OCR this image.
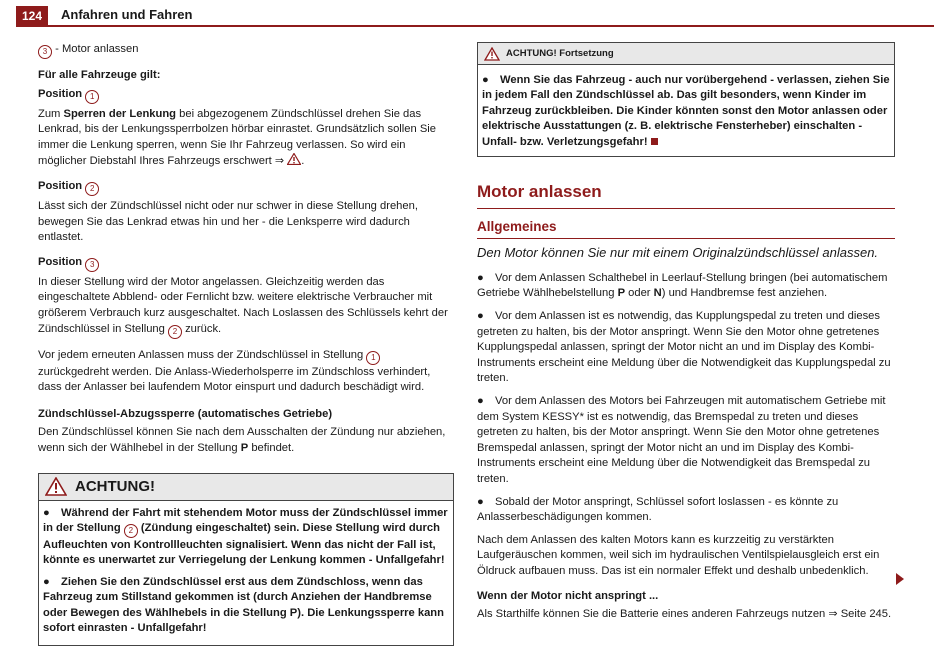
124	Anfahren und Fahren

3 - Motor anlassen

Für alle Fahrzeuge gilt:
Position 1

Zum Sperren der Lenkung bei abgezogenem Zündschlüssel drehen Sie das Lenkrad, bis der Lenkungssperrbolzen hörbar einrastet. Grundsätzlich sollen Sie immer die Lenkung sperren, wenn Sie Ihr Fahrzeug verlassen. So wird ein möglicher Diebstahl Ihres Fahrzeugs erschwert ⇒ .

Position 2

Lässt sich der Zündschlüssel nicht oder nur schwer in diese Stellung drehen, bewegen Sie das Lenkrad etwas hin und her - die Lenksperre wird dadurch entlastet.

Position 3

In dieser Stellung wird der Motor angelassen. Gleichzeitig werden das eingeschaltete Abblend- oder Fernlicht bzw. weitere elektrische Verbraucher mit größerem Verbrauch kurz ausgeschaltet. Nach Loslassen des Schlüssels kehrt der Zündschlüssel in Stellung 2 zurück.

Vor jedem erneuten Anlassen muss der Zündschlüssel in Stellung 1 zurückgedreht werden. Die Anlass-Wiederholsperre im Zündschloss verhindert, dass der Anlasser bei laufendem Motor einspurt und dadurch beschädigt wird.

Zündschlüssel-Abzugssperre (automatisches Getriebe)

Den Zündschlüssel können Sie nach dem Ausschalten der Zündung nur abziehen, wenn sich der Wählhebel in der Stellung P befindet.

ACHTUNG!

● Während der Fahrt mit stehendem Motor muss der Zündschlüssel immer in der Stellung 2 (Zündung eingeschaltet) sein. Diese Stellung wird durch Aufleuchten von Kontrollleuchten signalisiert. Wenn das nicht der Fall ist, könnte es unerwartet zur Verriegelung der Lenkung kommen - Unfallgefahr!

● Ziehen Sie den Zündschlüssel erst aus dem Zündschloss, wenn das Fahrzeug zum Stillstand gekommen ist (durch Anziehen der Handbremse oder Bewegen des Wählhebels in die Stellung P). Die Lenkungssperre kann sofort einrasten - Unfallgefahr!

ACHTUNG! Fortsetzung

● Wenn Sie das Fahrzeug - auch nur vorübergehend - verlassen, ziehen Sie in jedem Fall den Zündschlüssel ab. Das gilt besonders, wenn Kinder im Fahrzeug zurückbleiben. Die Kinder könnten sonst den Motor anlassen oder elektrische Ausstattungen (z. B. elektrische Fensterheber) einschalten - Unfall- bzw. Verletzungsgefahr!

Motor anlassen
Allgemeines
Den Motor können Sie nur mit einem Originalzündschlüssel anlassen.

● Vor dem Anlassen Schalthebel in Leerlauf-Stellung bringen (bei automatischem Getriebe Wählhebelstellung P oder N) und Handbremse fest anziehen.

● Vor dem Anlassen ist es notwendig, das Kupplungspedal zu treten und dieses getreten zu halten, bis der Motor anspringt. Wenn Sie den Motor ohne getretenes Kupplungspedal anlassen, springt der Motor nicht an und im Display des Kombi-Instruments erscheint eine Meldung über die Notwendigkeit das Kupplungspedal zu treten.

● Vor dem Anlassen des Motors bei Fahrzeugen mit automatischem Getriebe mit dem System KESSY* ist es notwendig, das Bremspedal zu treten und dieses getreten zu halten, bis der Motor anspringt. Wenn Sie den Motor ohne getretenes Bremspedal anlassen, springt der Motor nicht an und im Display des Kombi-Instruments erscheint eine Meldung über die Notwendigkeit das Bremspedal zu treten.

● Sobald der Motor anspringt, Schlüssel sofort loslassen - es könnte zu Anlasserbeschädigungen kommen.

Nach dem Anlassen des kalten Motors kann es kurzzeitig zu verstärkten Laufgeräuschen kommen, weil sich im hydraulischen Ventilspielausgleich erst ein Öldruck aufbauen muss. Das ist ein normaler Effekt und deshalb unbedenklich.

Wenn der Motor nicht anspringt ...

Als Starthilfe können Sie die Batterie eines anderen Fahrzeugs nutzen ⇒ Seite 245.
